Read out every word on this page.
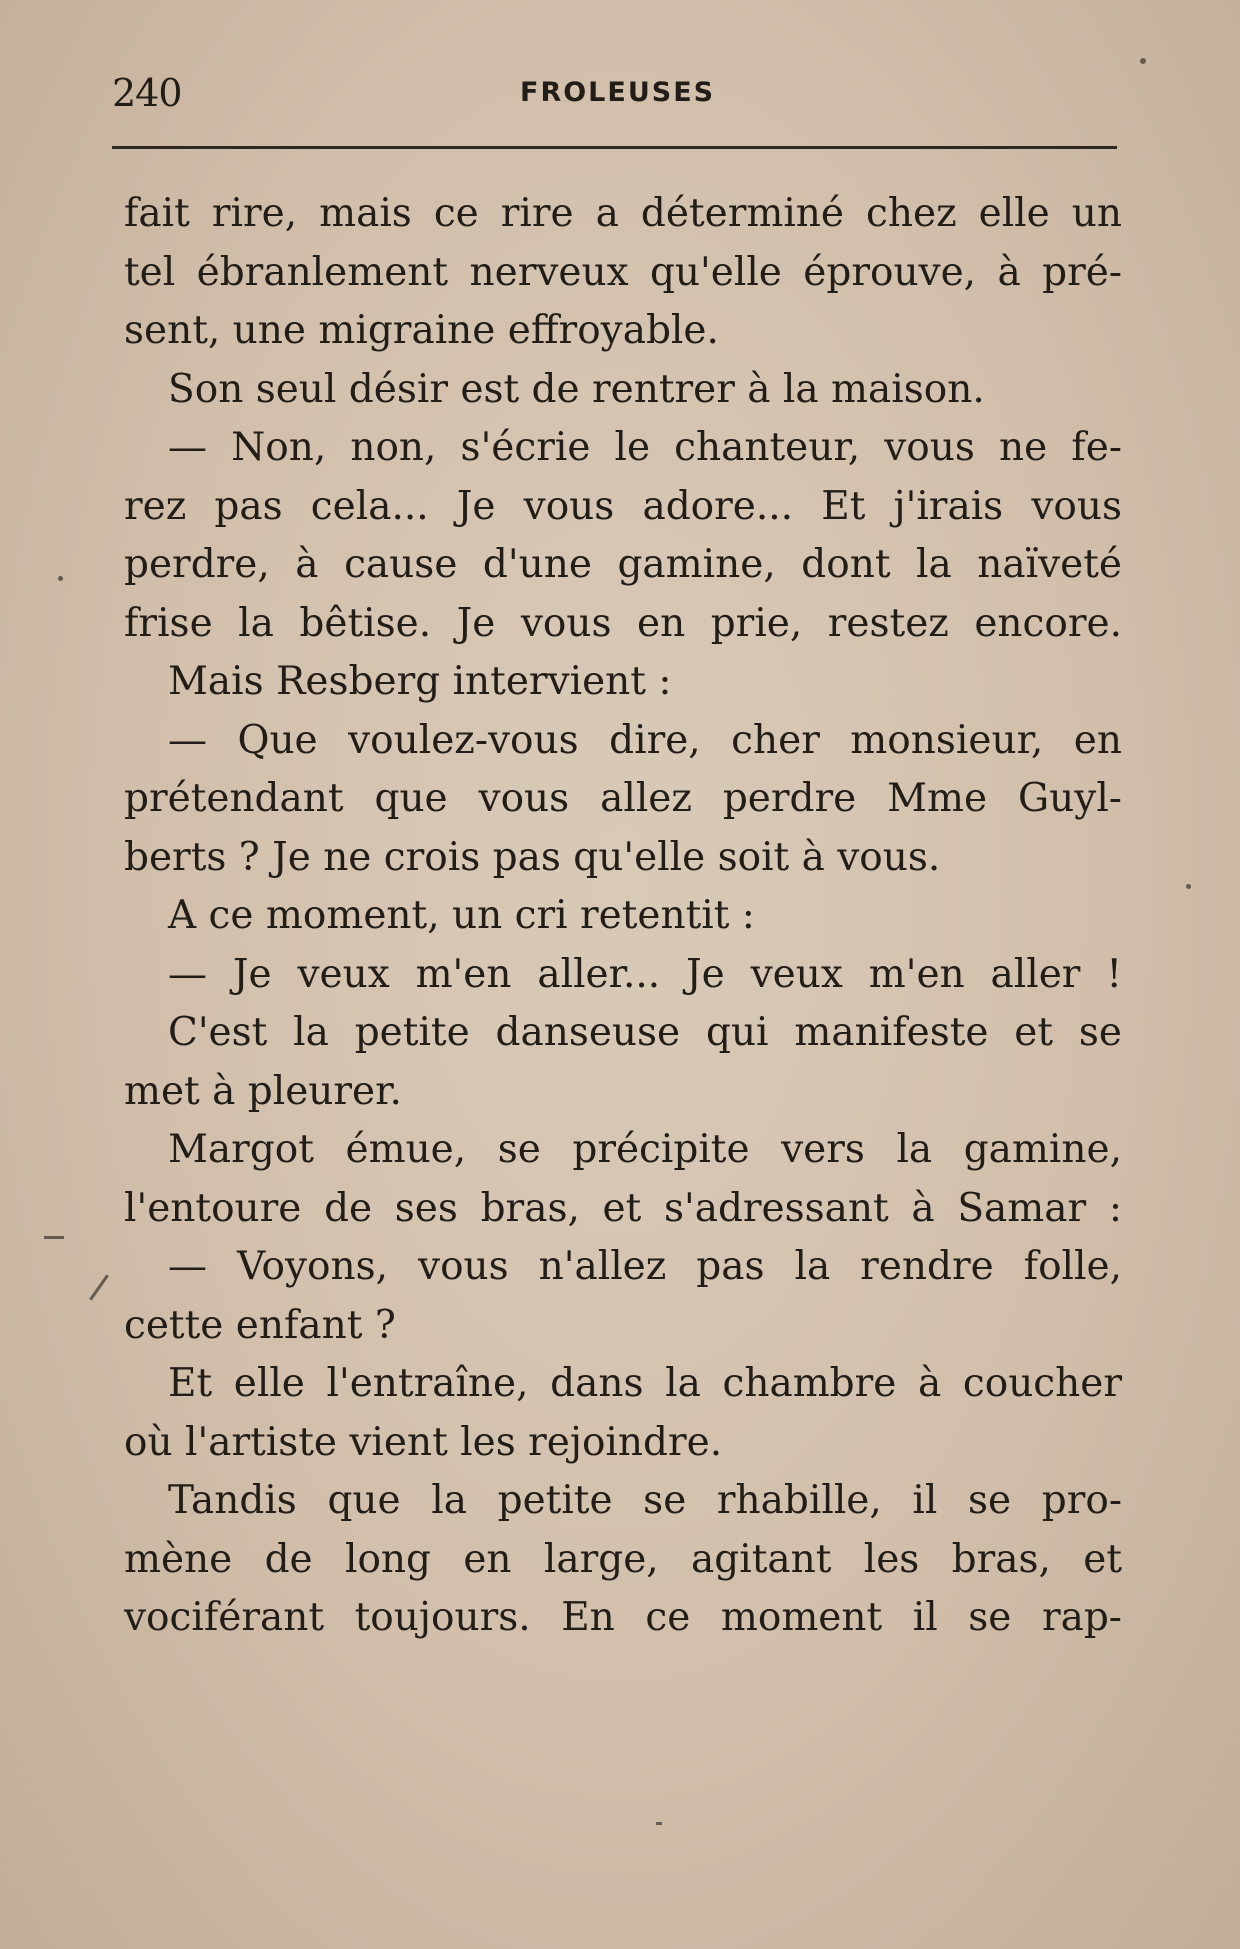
240	FROLEUSES
fait rire, mais ce rire a déterminé chez elle un
tel ébranlement nerveux qu'elle éprouve, à pré-
sent, une migraine effroyable.
Son seul désir est de rentrer à la maison.
— Non, non, s'écrie le chanteur, vous ne fe-
rez pas cela... Je vous adore... Et j'irais vous
perdre, à cause d'une gamine, dont la naïveté
frise la bêtise. Je vous en prie, restez encore.
Mais Resberg intervient :
— Que voulez-vous dire, cher monsieur, en
prétendant que vous allez perdre Mme Guyl-
berts ? Je ne crois pas qu'elle soit à vous.
A ce moment, un cri retentit :
— Je veux m'en aller... Je veux m'en aller !
C'est la petite danseuse qui manifeste et se
met à pleurer.
Margot émue, se précipite vers la gamine,
l'entoure de ses bras, et s'adressant à Samar :
— Voyons, vous n'allez pas la rendre folle,
cette enfant ?
Et elle l'entraîne, dans la chambre à coucher
où l'artiste vient les rejoindre.
Tandis que la petite se rhabille, il se pro-
mène de long en large, agitant les bras, et
vociférant toujours. En ce moment il se rap-
